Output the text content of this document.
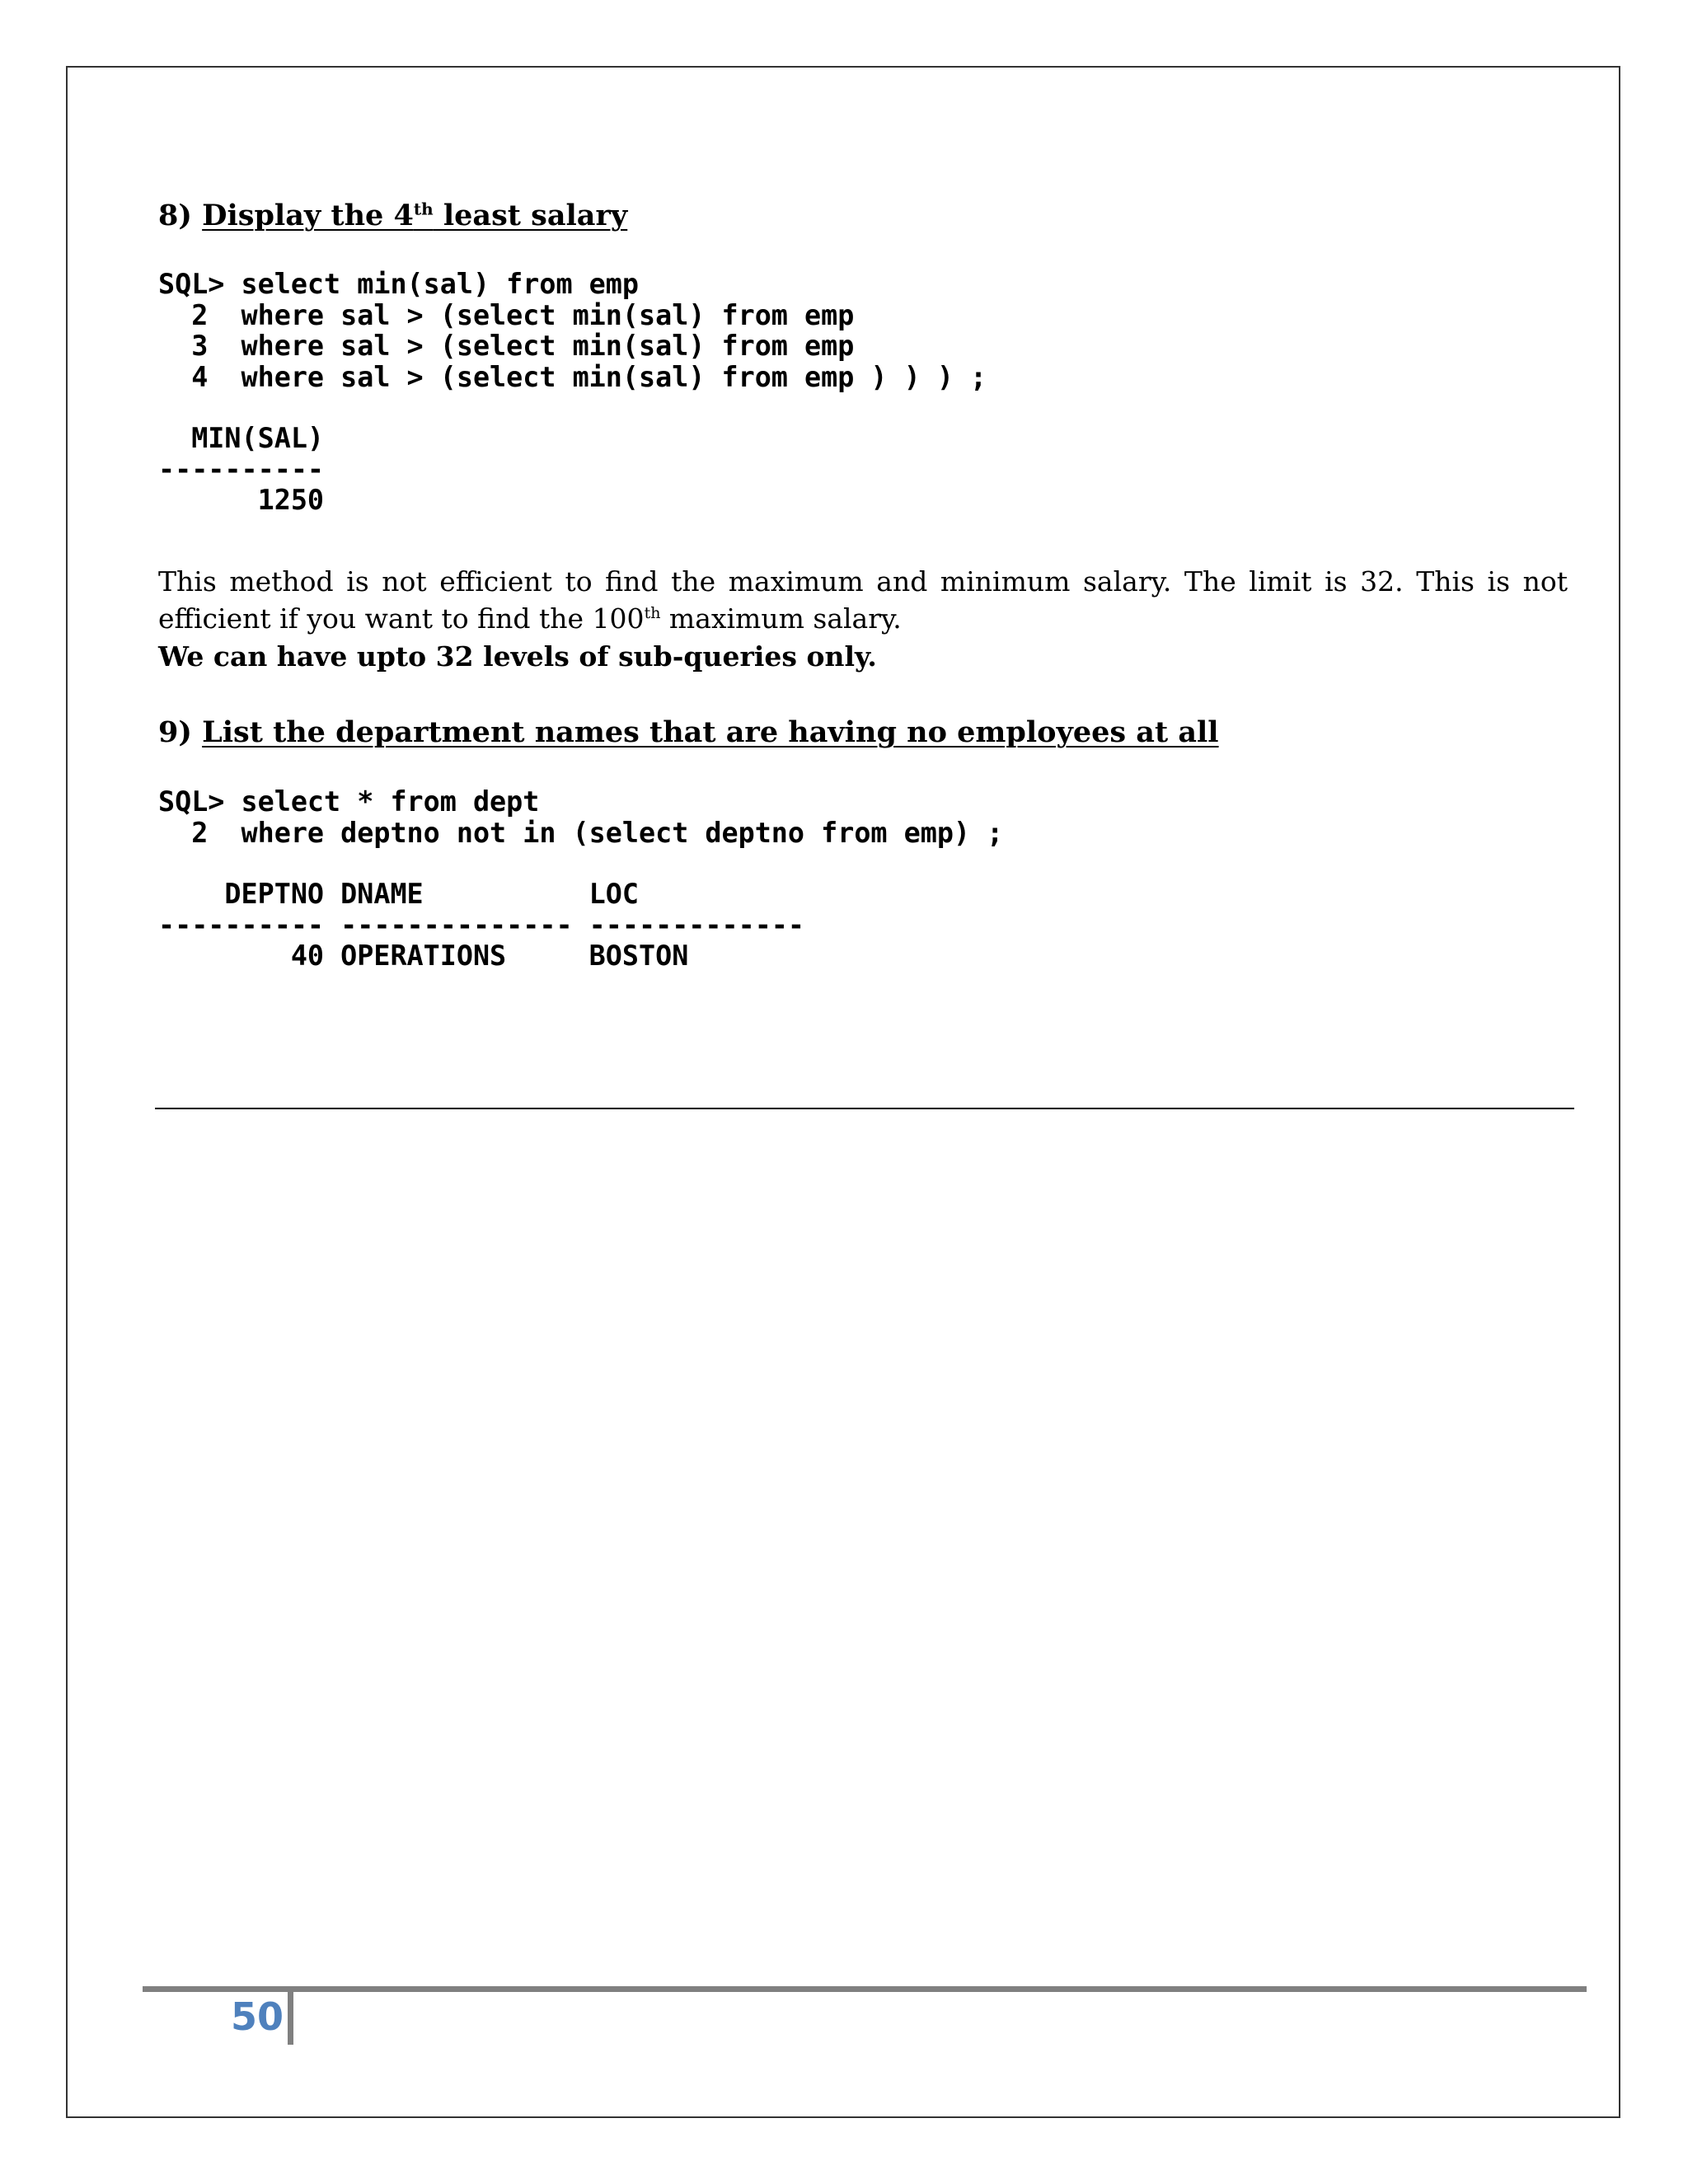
8) Display the 4th least salary
SQL> select min(sal) from emp
2  where sal > (select min(sal) from emp
3  where sal > (select min(sal) from emp
4  where sal > (select min(sal) from emp ) ) ) ;
MIN(SAL)
----------
1250

This method is not efficient to find the maximum and minimum salary. The limit is 32. This is not efficient if you want to find the 100th maximum salary.

We can have upto 32 levels of sub-queries only.
9) List the department names that are having no employees at all
SQL> select * from dept
2  where deptno not in (select deptno from emp) ;
DEPTNO DNAME          LOC
---------- -------------- -------------
40 OPERATIONS     BOSTON
50
